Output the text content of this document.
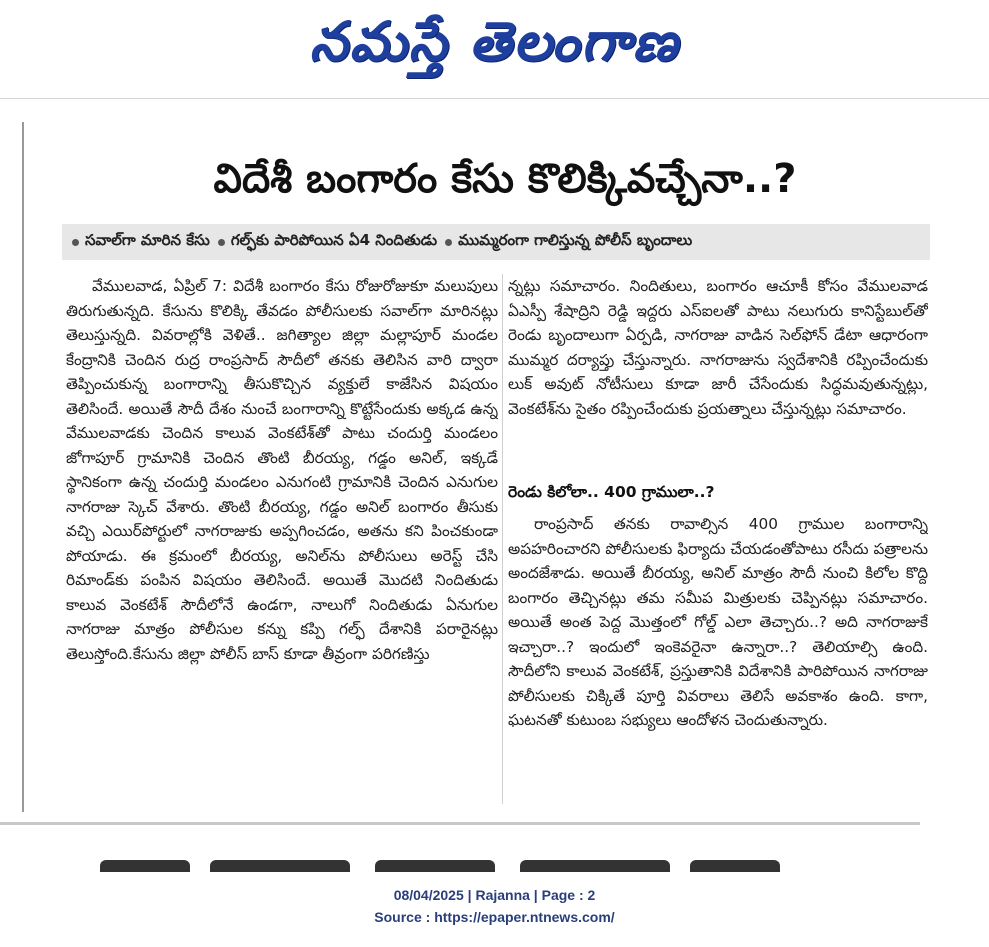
నమస్తే తెలంగాణ
విదేశీ బంగారం కేసు కొలిక్కివచ్చేనా..?
సవాల్‌గా మారిన కేసు గల్ఫ్‌కు పారిపోయిన ఏ4 నిందితుడు ముమ్మరంగా గాలిస్తున్న పోలీస్‌ బృందాలు

వేములవాడ, ఏప్రిల్‌ 7: విదేశీ బంగారం కేసు రోజురోజుకూ మలుపులు తిరుగుతున్నది. కేసును కొలిక్కి తేవడం పోలీసులకు సవాల్‌గా మారినట్లు తెలుస్తున్నది. వివరాల్లోకి వెళితే.. జగిత్యాల జిల్లా మల్లాపూర్‌ మండల కేంద్రానికి చెందిన రుద్ర రాంప్రసాద్‌ సౌదీలో తనకు తెలిసిన వారి ద్వారా తెప్పించుకున్న బంగారాన్ని తీసుకొచ్చిన వ్యక్తులే కాజేసిన విషయం తెలిసిందే. అయితే సౌదీ దేశం నుంచే బంగారాన్ని కొట్టేసేందుకు అక్కడ ఉన్న వేములవాడకు చెందిన కాలువ వెంకటేశ్‌తో పాటు చందుర్తి మండలం జోగాపూర్‌ గ్రామానికి చెందిన తొంటి బీరయ్య, గడ్డం అనిల్‌, ఇక్కడే స్థానికంగా ఉన్న చందుర్తి మండలం ఎనుగంటి గ్రామానికి చెందిన ఎనుగుల నాగరాజు స్కెచ్‌ వేశారు. తొంటి బీరయ్య, గడ్డం అనిల్‌ బంగారం తీసుకు వచ్చి ఎయిర్‌పోర్టులో నాగరాజుకు అప్పగించడం, అతను కని పించకుండా పోయాడు. ఈ క్రమంలో బీరయ్య, అనిల్‌ను పోలీసులు అరెస్ట్‌ చేసి రిమాండ్‌కు పంపిన విషయం తెలిసిందే. అయితే మొదటి నిందితుడు కాలువ వెంకటేశ్‌ సౌదీలోనే ఉండగా, నాలుగో నిందితుడు ఏనుగుల నాగరాజు మాత్రం పోలీసుల కన్ను కప్పి గల్ఫ్‌ దేశానికి పరారైనట్లు తెలుస్తోంది.కేసును జిల్లా పోలీస్‌ బాస్‌ కూడా తీవ్రంగా పరిగణిస్తు

న్నట్లు సమాచారం. నిందితులు, బంగారం ఆచూకీ కోసం వేములవాడ ఏఎస్పీ శేషాద్రిని రెడ్డి ఇద్దరు ఎస్‌ఐలతో పాటు నలుగురు కానిస్టేబుల్‌తో రెండు బృందాలుగా ఏర్పడి, నాగరాజు వాడిన సెల్‌ఫోన్‌ డేటా ఆధారంగా ముమ్మర దర్యాప్తు చేస్తున్నారు. నాగరాజును స్వదేశానికి రప్పించేందుకు లుక్‌ అవుట్‌ నోటీసులు కూడా జారీ చేసేందుకు సిద్ధమవుతున్నట్లు, వెంకటేశ్‌ను సైతం రప్పించేందుకు ప్రయత్నాలు చేస్తున్నట్లు సమాచారం.

రెండు కిలోలా.. 400 గ్రాములా..?

రాంప్రసాద్‌ తనకు రావాల్సిన 400 గ్రాముల బంగారాన్ని అపహరించారని పోలీసులకు ఫిర్యాదు చేయడంతోపాటు రసీదు పత్రాలను అందజేశాడు. అయితే బీరయ్య, అనిల్‌ మాత్రం సౌదీ నుంచి కిలోల కొద్ది బంగారం తెచ్చినట్లు తమ సమీప మిత్రులకు చెప్పినట్లు సమాచారం. అయితే అంత పెద్ద మొత్తంలో గోల్డ్‌ ఎలా తెచ్చారు..? అది నాగరాజుకే ఇచ్చారా..? ఇందులో ఇంకెవరైనా ఉన్నారా..? తెలియాల్సి ఉంది. సౌదీలోని కాలువ వెంకటేశ్‌, ప్రస్తుతానికి విదేశానికి పారిపోయిన నాగరాజు పోలీసులకు చిక్కితే పూర్తి వివరాలు తెలిసే అవకాశం ఉంది. కాగా, ఘటనతో కుటుంబ సభ్యులు ఆందోళన చెందుతున్నారు.

08/04/2025 | Rajanna | Page : 2
Source : https://epaper.ntnews.com/
